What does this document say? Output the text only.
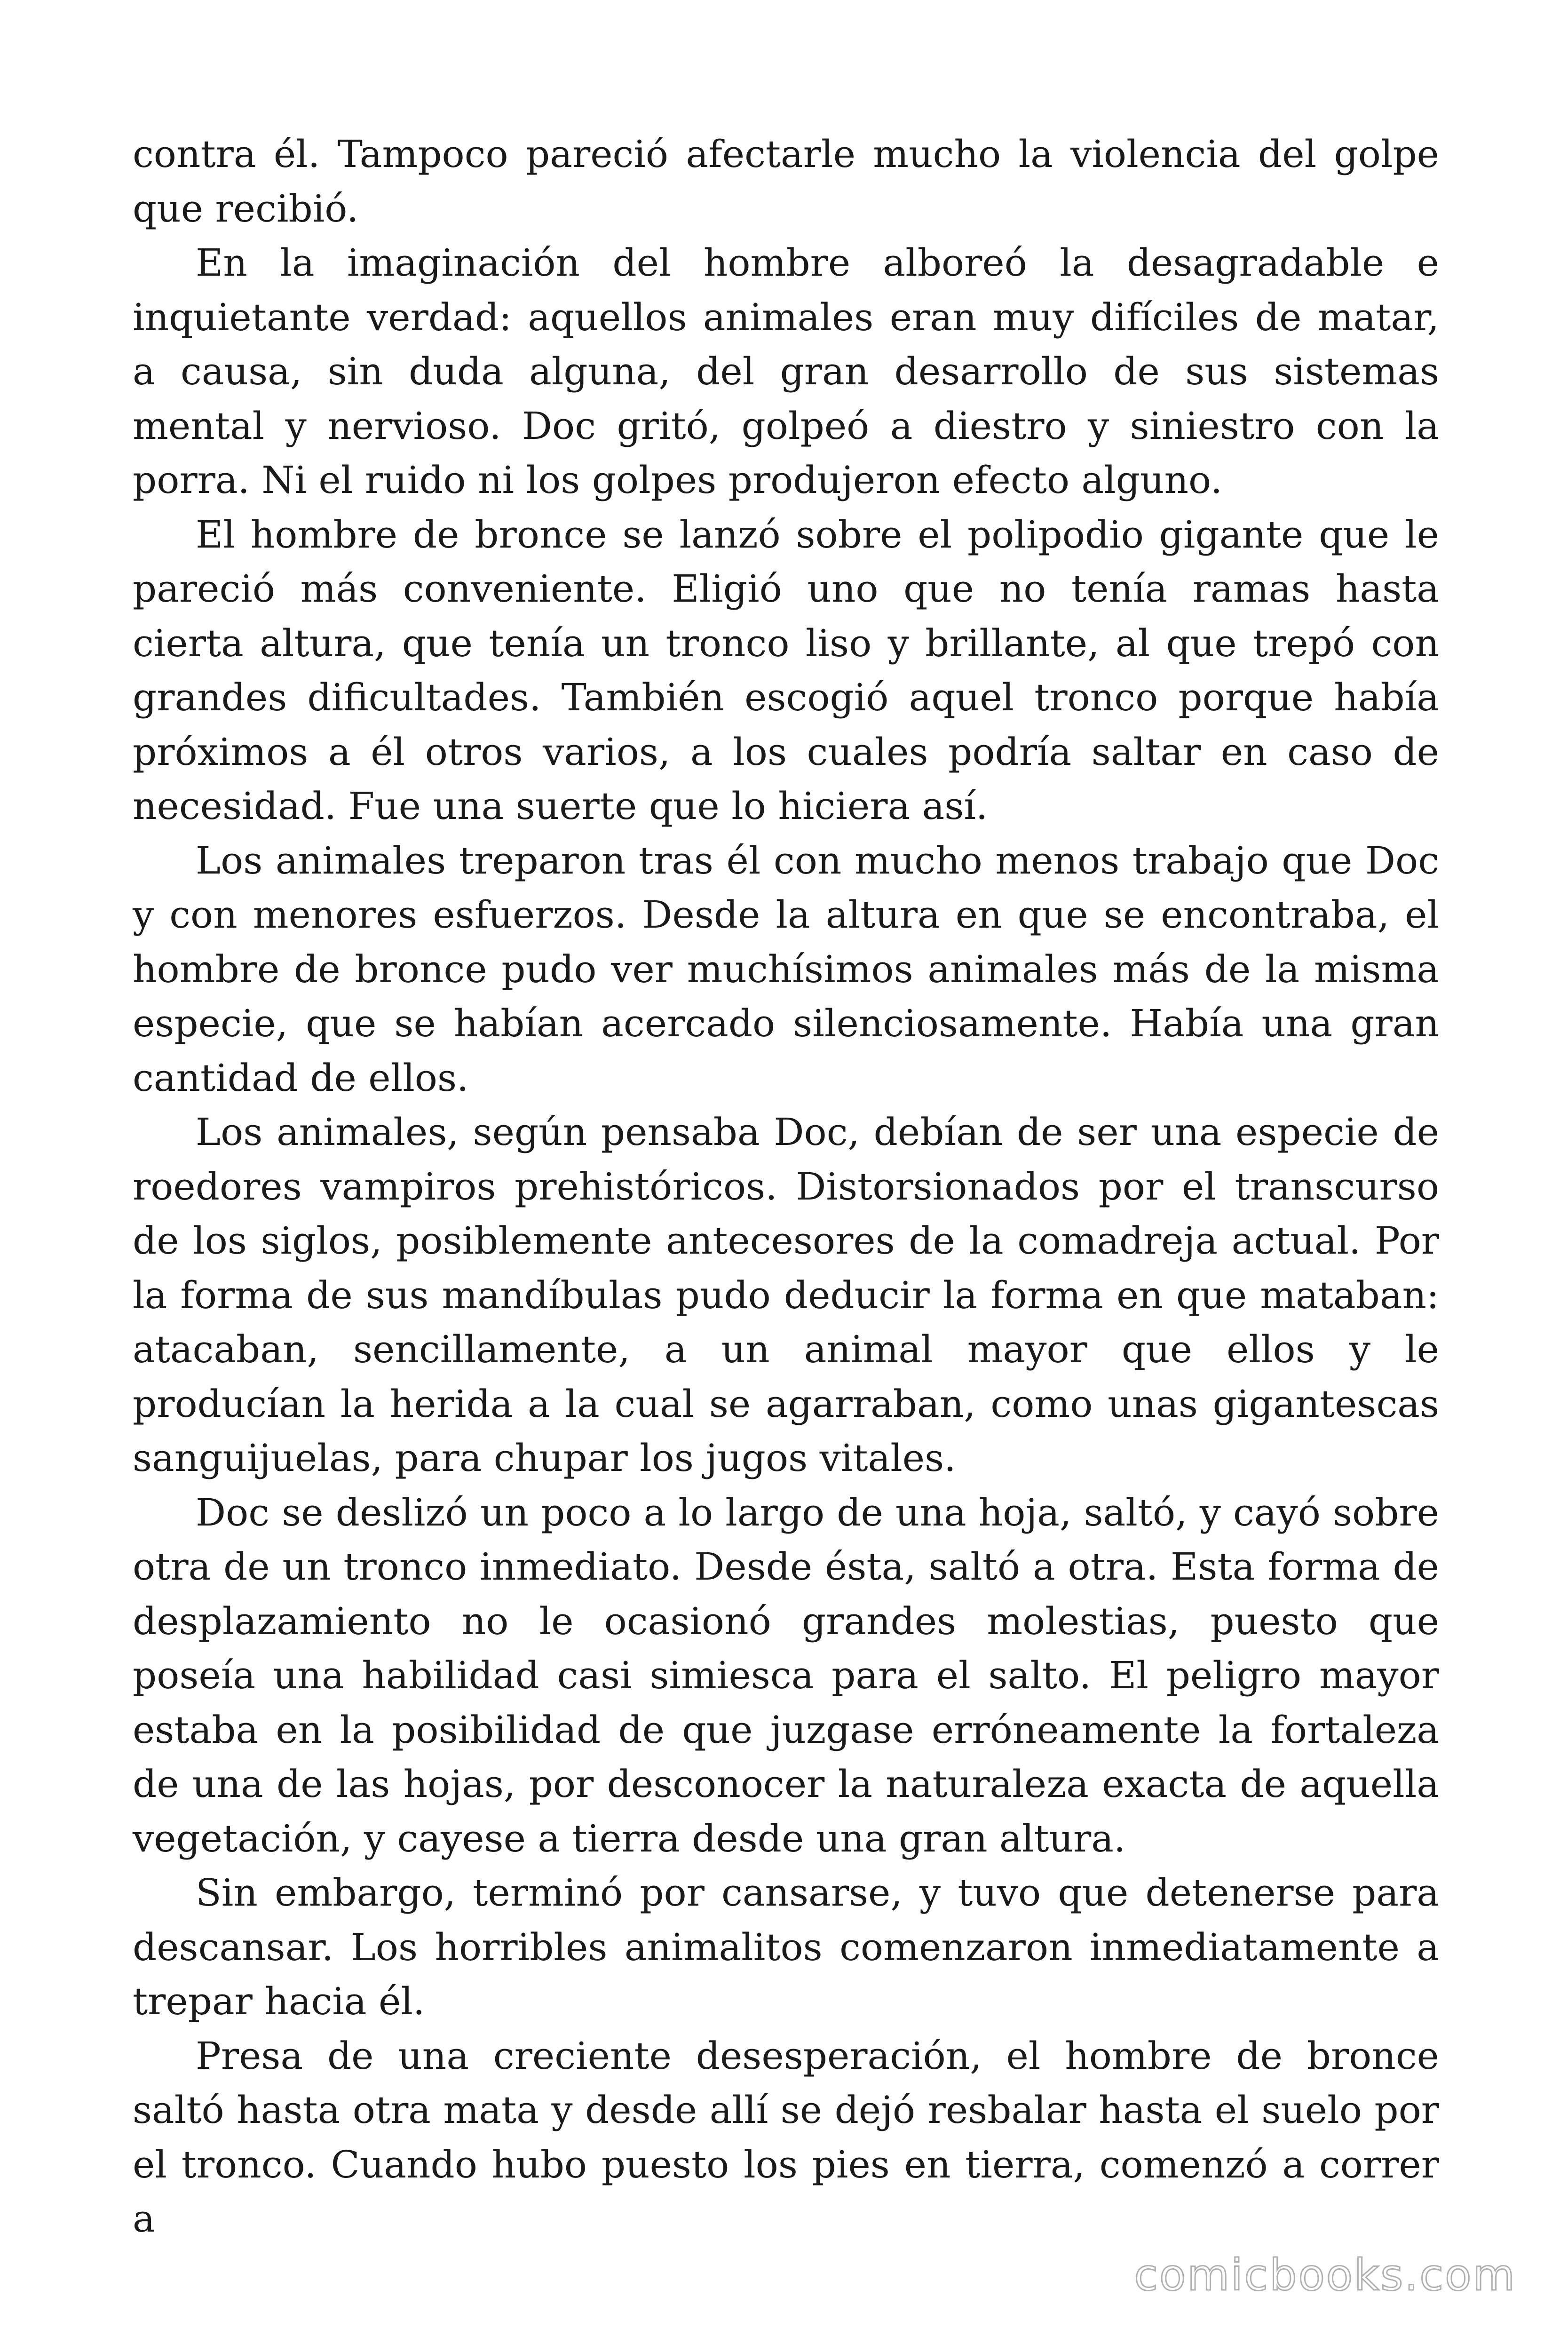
contra él. Tampoco pareció afectarle mucho la violencia del golpe que recibió.

En la imaginación del hombre alboreó la desagradable e inquietante verdad: aquellos animales eran muy difíciles de matar, a causa, sin duda alguna, del gran desarrollo de sus sistemas mental y nervioso. Doc gritó, golpeó a diestro y siniestro con la porra. Ni el ruido ni los golpes produjeron efecto alguno.

El hombre de bronce se lanzó sobre el polipodio gigante que le pareció más conveniente. Eligió uno que no tenía ramas hasta cierta altura, que tenía un tronco liso y brillante, al que trepó con grandes dificultades. También escogió aquel tronco porque había próximos a él otros varios, a los cuales podría saltar en caso de necesidad. Fue una suerte que lo hiciera así.

Los animales treparon tras él con mucho menos trabajo que Doc y con menores esfuerzos. Desde la altura en que se encontraba, el hombre de bronce pudo ver muchísimos animales más de la misma especie, que se habían acercado silenciosamente. Había una gran cantidad de ellos.

Los animales, según pensaba Doc, debían de ser una especie de roedores vampiros prehistóricos. Distorsionados por el transcurso de los siglos, posiblemente antecesores de la comadreja actual. Por la forma de sus mandíbulas pudo deducir la forma en que mataban: atacaban, sencillamente, a un animal mayor que ellos y le producían la herida a la cual se agarraban, como unas gigantescas sanguijuelas, para chupar los jugos vitales.

Doc se deslizó un poco a lo largo de una hoja, saltó, y cayó sobre otra de un tronco inmediato. Desde ésta, saltó a otra. Esta forma de desplazamiento no le ocasionó grandes molestias, puesto que poseía una habilidad casi simiesca para el salto. El peligro mayor estaba en la posibilidad de que juzgase erróneamente la fortaleza de una de las hojas, por desconocer la naturaleza exacta de aquella vegetación, y cayese a tierra desde una gran altura.

Sin embargo, terminó por cansarse, y tuvo que detenerse para descansar. Los horribles animalitos comenzaron inmediatamente a trepar hacia él.

Presa de una creciente desesperación, el hombre de bronce saltó hasta otra mata y desde allí se dejó resbalar hasta el suelo por el tronco. Cuando hubo puesto los pies en tierra, comenzó a correr a

comicbooks.com
